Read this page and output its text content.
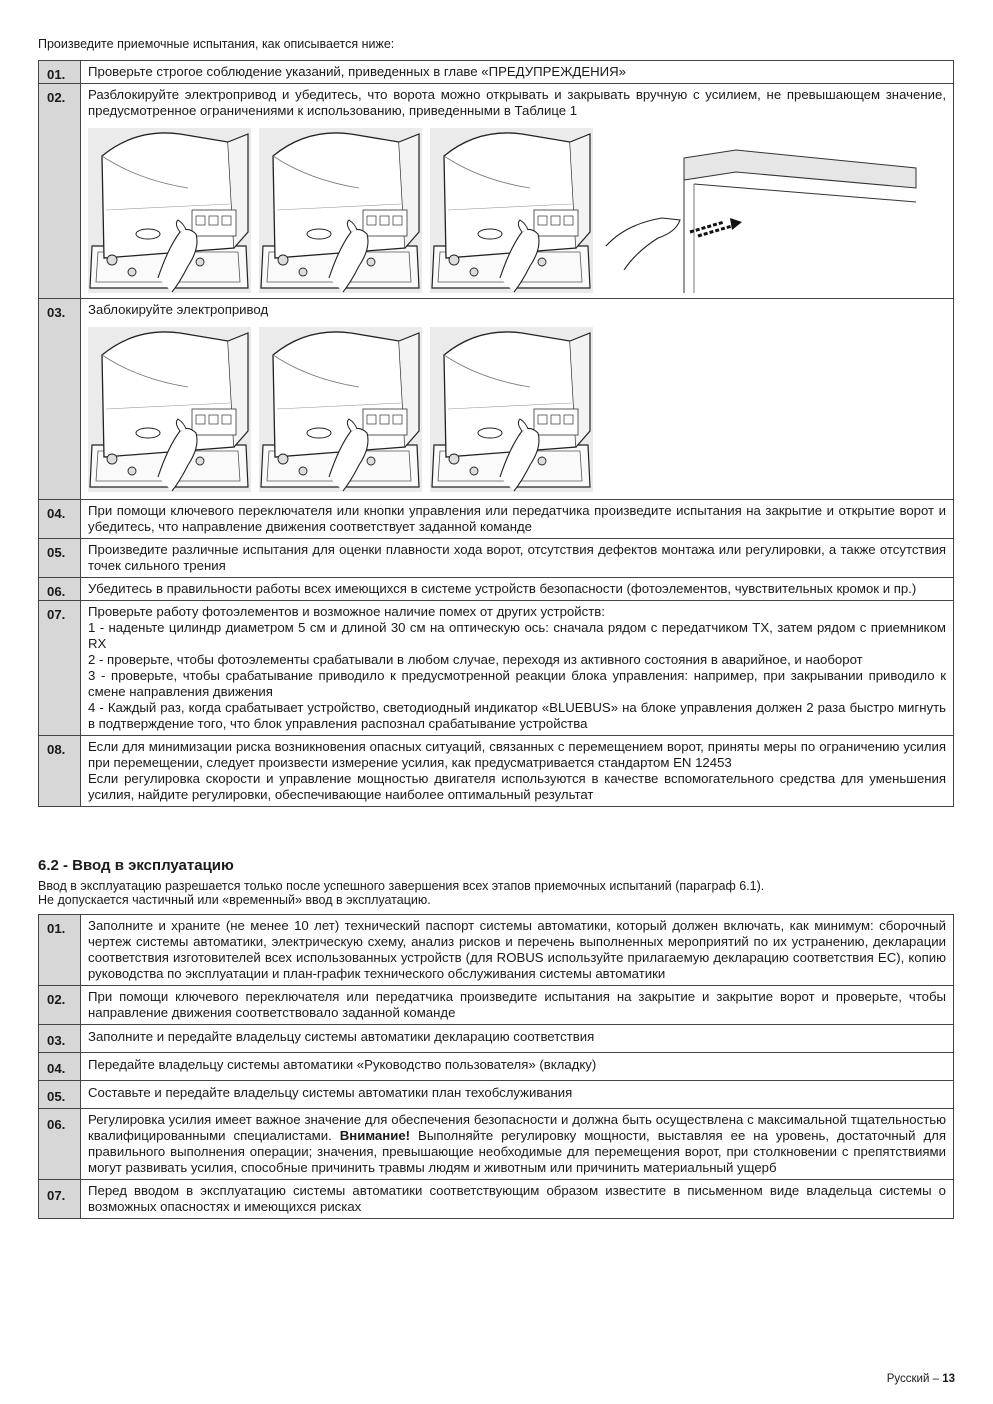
Произведите приемочные испытания, как описывается ниже:
01.	Проверьте строгое соблюдение указаний, приведенных в главе «ПРЕДУПРЕЖДЕНИЯ»
02.	Разблокируйте электропривод и убедитесь, что ворота можно открывать и закрывать вручную с усилием, не превышающем значение, предусмотренное ограничениями к использованию, приведенными в Таблице 1

03.	Заблокируйте электропривод

04.	При помощи ключевого переключателя или кнопки управления или передатчика произведите испытания на закрытие и открытие ворот и убедитесь, что направление движения соответствует заданной команде
05.	Произведите различные испытания для оценки плавности хода ворот, отсутствия дефектов монтажа или регулировки, а также отсутствия точек сильного трения
06.	Убедитесь в правильности работы всех имеющихся в системе устройств безопасности (фотоэлементов, чувствительных кромок и пр.)
07.	Проверьте работу фотоэлементов и возможное наличие помех от других устройств:

1 - наденьте цилиндр диаметром 5 см и длиной 30 см на оптическую ось: сначала рядом с передатчиком TX, затем рядом с приемником RX

2 - проверьте, чтобы фотоэлементы срабатывали в любом случае, переходя из активного состояния в аварийное, и наоборот

3 - проверьте, чтобы срабатывание приводило к предусмотренной реакции блока управления: например, при закрывании приводило к смене направления движения

4 - Каждый раз, когда срабатывает устройство, светодиодный индикатор «BLUEBUS» на блоке управления должен 2 раза быстро мигнуть в подтверждение того, что блок управления распознал срабатывание устройства

08.	Если для минимизации риска возникновения опасных ситуаций, связанных с перемещением ворот, приняты меры по ограничению усилия при перемещении, следует произвести измерение усилия, как предусматривается стандартом EN 12453

Если регулировка скорости и управление мощностью двигателя используются в качестве вспомогательного средства для уменьшения усилия, найдите регулировки, обеспечивающие наиболее оптимальный результат

6.2 - Ввод в эксплуатацию

Ввод в эксплуатацию разрешается только после успешного завершения всех этапов приемочных испытаний (параграф 6.1).

Не допускается частичный или «временный» ввод в эксплуатацию.

01.	Заполните и храните (не менее 10 лет) технический паспорт системы автоматики, который должен включать, как минимум: сборочный чертеж системы автоматики, электрическую схему, анализ рисков и перечень выполненных мероприятий по их устранению, декларации соответствия изготовителей всех использованных устройств (для ROBUS используйте прилагаемую декларацию соответствия ЕС), копию руководства по эксплуатации и план-график технического обслуживания системы автоматики
02.	При помощи ключевого переключателя или передатчика произведите испытания на закрытие и закрытие ворот и проверьте, чтобы направление движения соответствовало заданной команде
03.	Заполните и передайте владельцу системы автоматики декларацию соответствия
04.	Передайте владельцу системы автоматики «Руководство пользователя» (вкладку)
05.	Составьте и передайте владельцу системы автоматики план техобслуживания
06.	Регулировка усилия имеет важное значение для обеспечения безопасности и должна быть осуществлена с максимальной тщательностью квалифицированными специалистами. Внимание! Выполняйте регулировку мощности, выставляя ее на уровень, достаточный для правильного выполнения операции; значения, превышающие необходимые для перемещения ворот, при столкновении с препятствиями могут развивать усилия, способные причинить травмы людям и животным или причинить материальный ущерб
07.	Перед вводом в эксплуатацию системы автоматики соответствующим образом известите в письменном виде владельца системы о возможных опасностях и имеющихся рисках
Русский – 13
